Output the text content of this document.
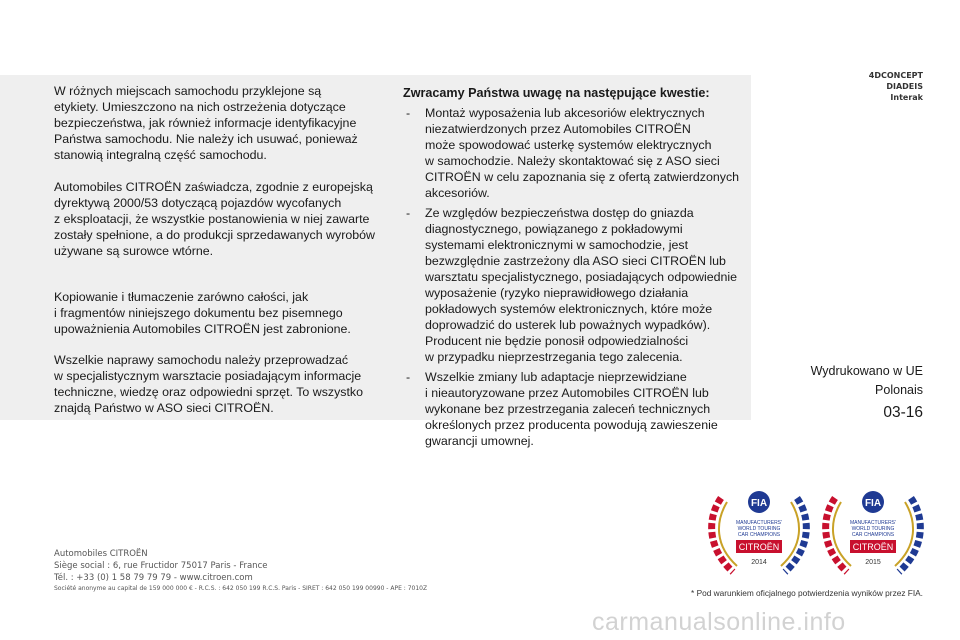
4DCONCEPT
DIADEIS
Interak

W różnych miejscach samochodu przyklejone są
etykiety. Umieszczono na nich ostrzeżenia dotyczące
bezpieczeństwa, jak również informacje identyfikacyjne
Państwa samochodu. Nie należy ich usuwać, ponieważ
stanowią integralną część samochodu.

Automobiles CITROËN zaświadcza, zgodnie z europejską
dyrektywą 2000/53 dotyczącą pojazdów wycofanych
z eksploatacji, że wszystkie postanowienia w niej zawarte
zostały spełnione, a do produkcji sprzedawanych wyrobów
używane są surowce wtórne.

Kopiowanie i tłumaczenie zarówno całości, jak
i fragmentów niniejszego dokumentu bez pisemnego
upoważnienia Automobiles CITROËN jest zabronione.

Wszelkie naprawy samochodu należy przeprowadzać
w specjalistycznym warsztacie posiadającym informacje
techniczne, wiedzę oraz odpowiedni sprzęt. To wszystko
znajdą Państwo w ASO sieci CITROËN.

Zwracamy Państwa uwagę na następujące kwestie:
- Montaż wyposażenia lub akcesoriów elektrycznych
niezatwierdzonych przez Automobiles CITROËN
może spowodować usterkę systemów elektrycznych
w samochodzie. Należy skontaktować się z ASO sieci
CITROËN w celu zapoznania się z ofertą zatwierdzonych
akcesoriów.
- Ze względów bezpieczeństwa dostęp do gniazda
diagnostycznego, powiązanego z pokładowymi
systemami elektronicznymi w samochodzie, jest
bezwzględnie zastrzeżony dla ASO sieci CITROËN lub
warsztatu specjalistycznego, posiadających odpowiednie
wyposażenie (ryzyko nieprawidłowego działania
pokładowych systemów elektronicznych, które może
doprowadzić do usterek lub poważnych wypadków).
Producent nie będzie ponosił odpowiedzialności
w przypadku nieprzestrzegania tego zalecenia.
- Wszelkie zmiany lub adaptacje nieprzewidziane
i nieautoryzowane przez Automobiles CITROËN lub
wykonane bez przestrzegania zaleceń technicznych
określonych przez producenta powodują zawieszenie
gwarancji umownej.
Wydrukowano w UE
Polonais
03-16
Automobiles CITROËN
Siège social : 6, rue Fructidor 75017 Paris - France
Tél. : +33 (0) 1 58 79 79 79 - www.citroen.com
Société anonyme au capital de 159 000 000 € - R.C.S. : 642 050 199 R.C.S. Paris - SIRET : 642 050 199 00990 - APE : 7010Z
FIA
MANUFACTURERS'
WORLD TOURING
CAR CHAMPIONS
CITROËN
2014
FIA
MANUFACTURERS'
WORLD TOURING
CAR CHAMPIONS
CITROËN
2015
* Pod warunkiem oficjalnego potwierdzenia wyników przez FIA.
carmanualsonline.info
